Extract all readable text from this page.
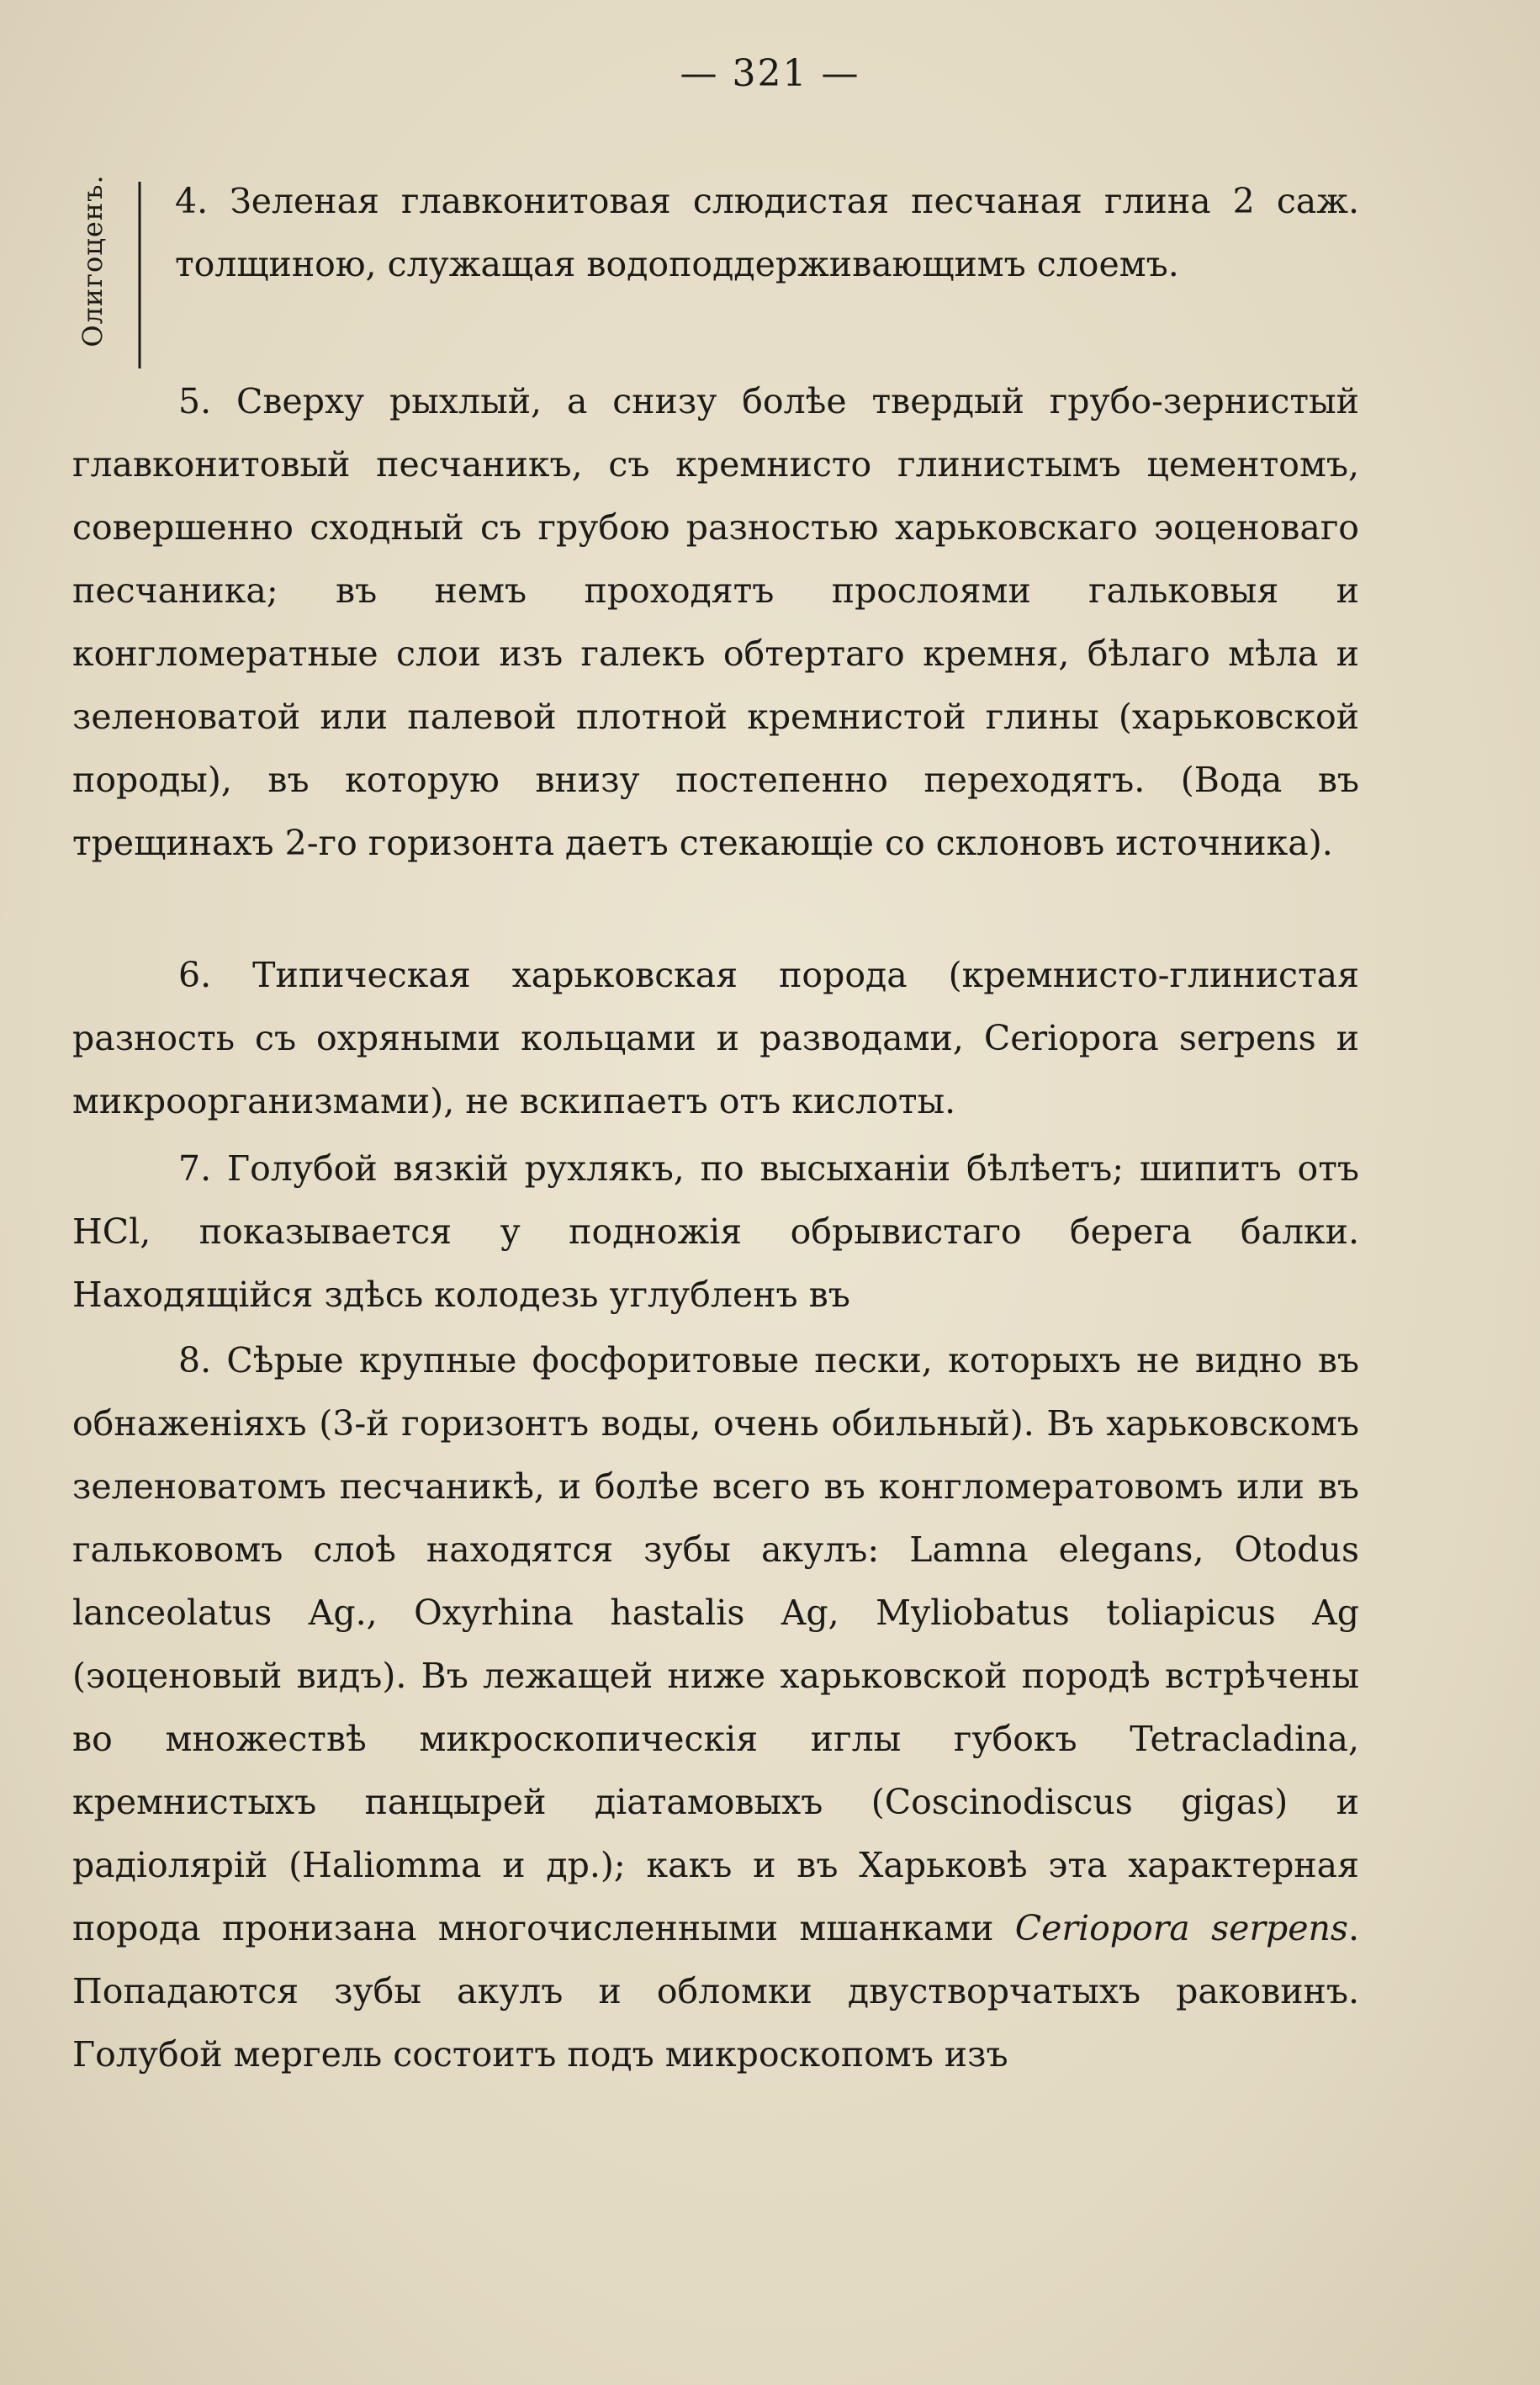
— 321 —
Олигоценъ. 4. Зеленая главконитовая слюдистая песчаная глина 2 саж. толщиною, служащая водоподдерживающимъ слоемъ.

5. Сверху рыхлый, а снизу болѣе твердый грубо-зернистый главконитовый песчаникъ, съ кремнисто глинистымъ цементомъ, совершенно сходный съ грубою разностью харьковскаго эоценоваго песчаника; въ немъ проходятъ прослоями гальковыя и конгломератные слои изъ галекъ обтертаго кремня, бѣлаго мѣла и зеленоватой или палевой плотной кремнистой глины (харьковской породы), въ которую внизу постепенно переходятъ. (Вода въ трещинахъ 2-го горизонта даетъ стекающіе со склоновъ источника).

6. Типическая харьковская порода (кремнисто-глинистая разность съ охряными кольцами и разводами, Ceriopora serpens и микроорганизмами), не вскипаетъ отъ кислоты.

7. Голубой вязкій рухлякъ, по высыханіи бѣлѣетъ; шипитъ отъ HCl, показывается у подножія обрывистаго берега балки. Находящійся здѣсь колодезь углубленъ въ

8. Сѣрые крупные фосфоритовые пески, которыхъ не видно въ обнаженіяхъ (3-й горизонтъ воды, очень обильный). Въ харьковскомъ зеленоватомъ песчаникѣ, и болѣе всего въ конгломератовомъ или въ гальковомъ слоѣ находятся зубы акулъ: Lamna elegans, Otodus lanceolatus Ag., Oxyrhina hastalis Ag, Myliobatus toliapicus Ag (эоценовый видъ). Въ лежащей ниже харьковской породѣ встрѣчены во множествѣ микроскопическія иглы губокъ Tetracladina, кремнистыхъ панцырей діатамовыхъ (Coscinodiscus gigas) и радіолярій (Haliomma и др.); какъ и въ Харьковѣ эта характерная порода пронизана многочисленными мшанками Ceriopora serpens. Попадаются зубы акулъ и обломки двустворчатыхъ раковинъ. Голубой мергель состоитъ подъ микроскопомъ изъ
